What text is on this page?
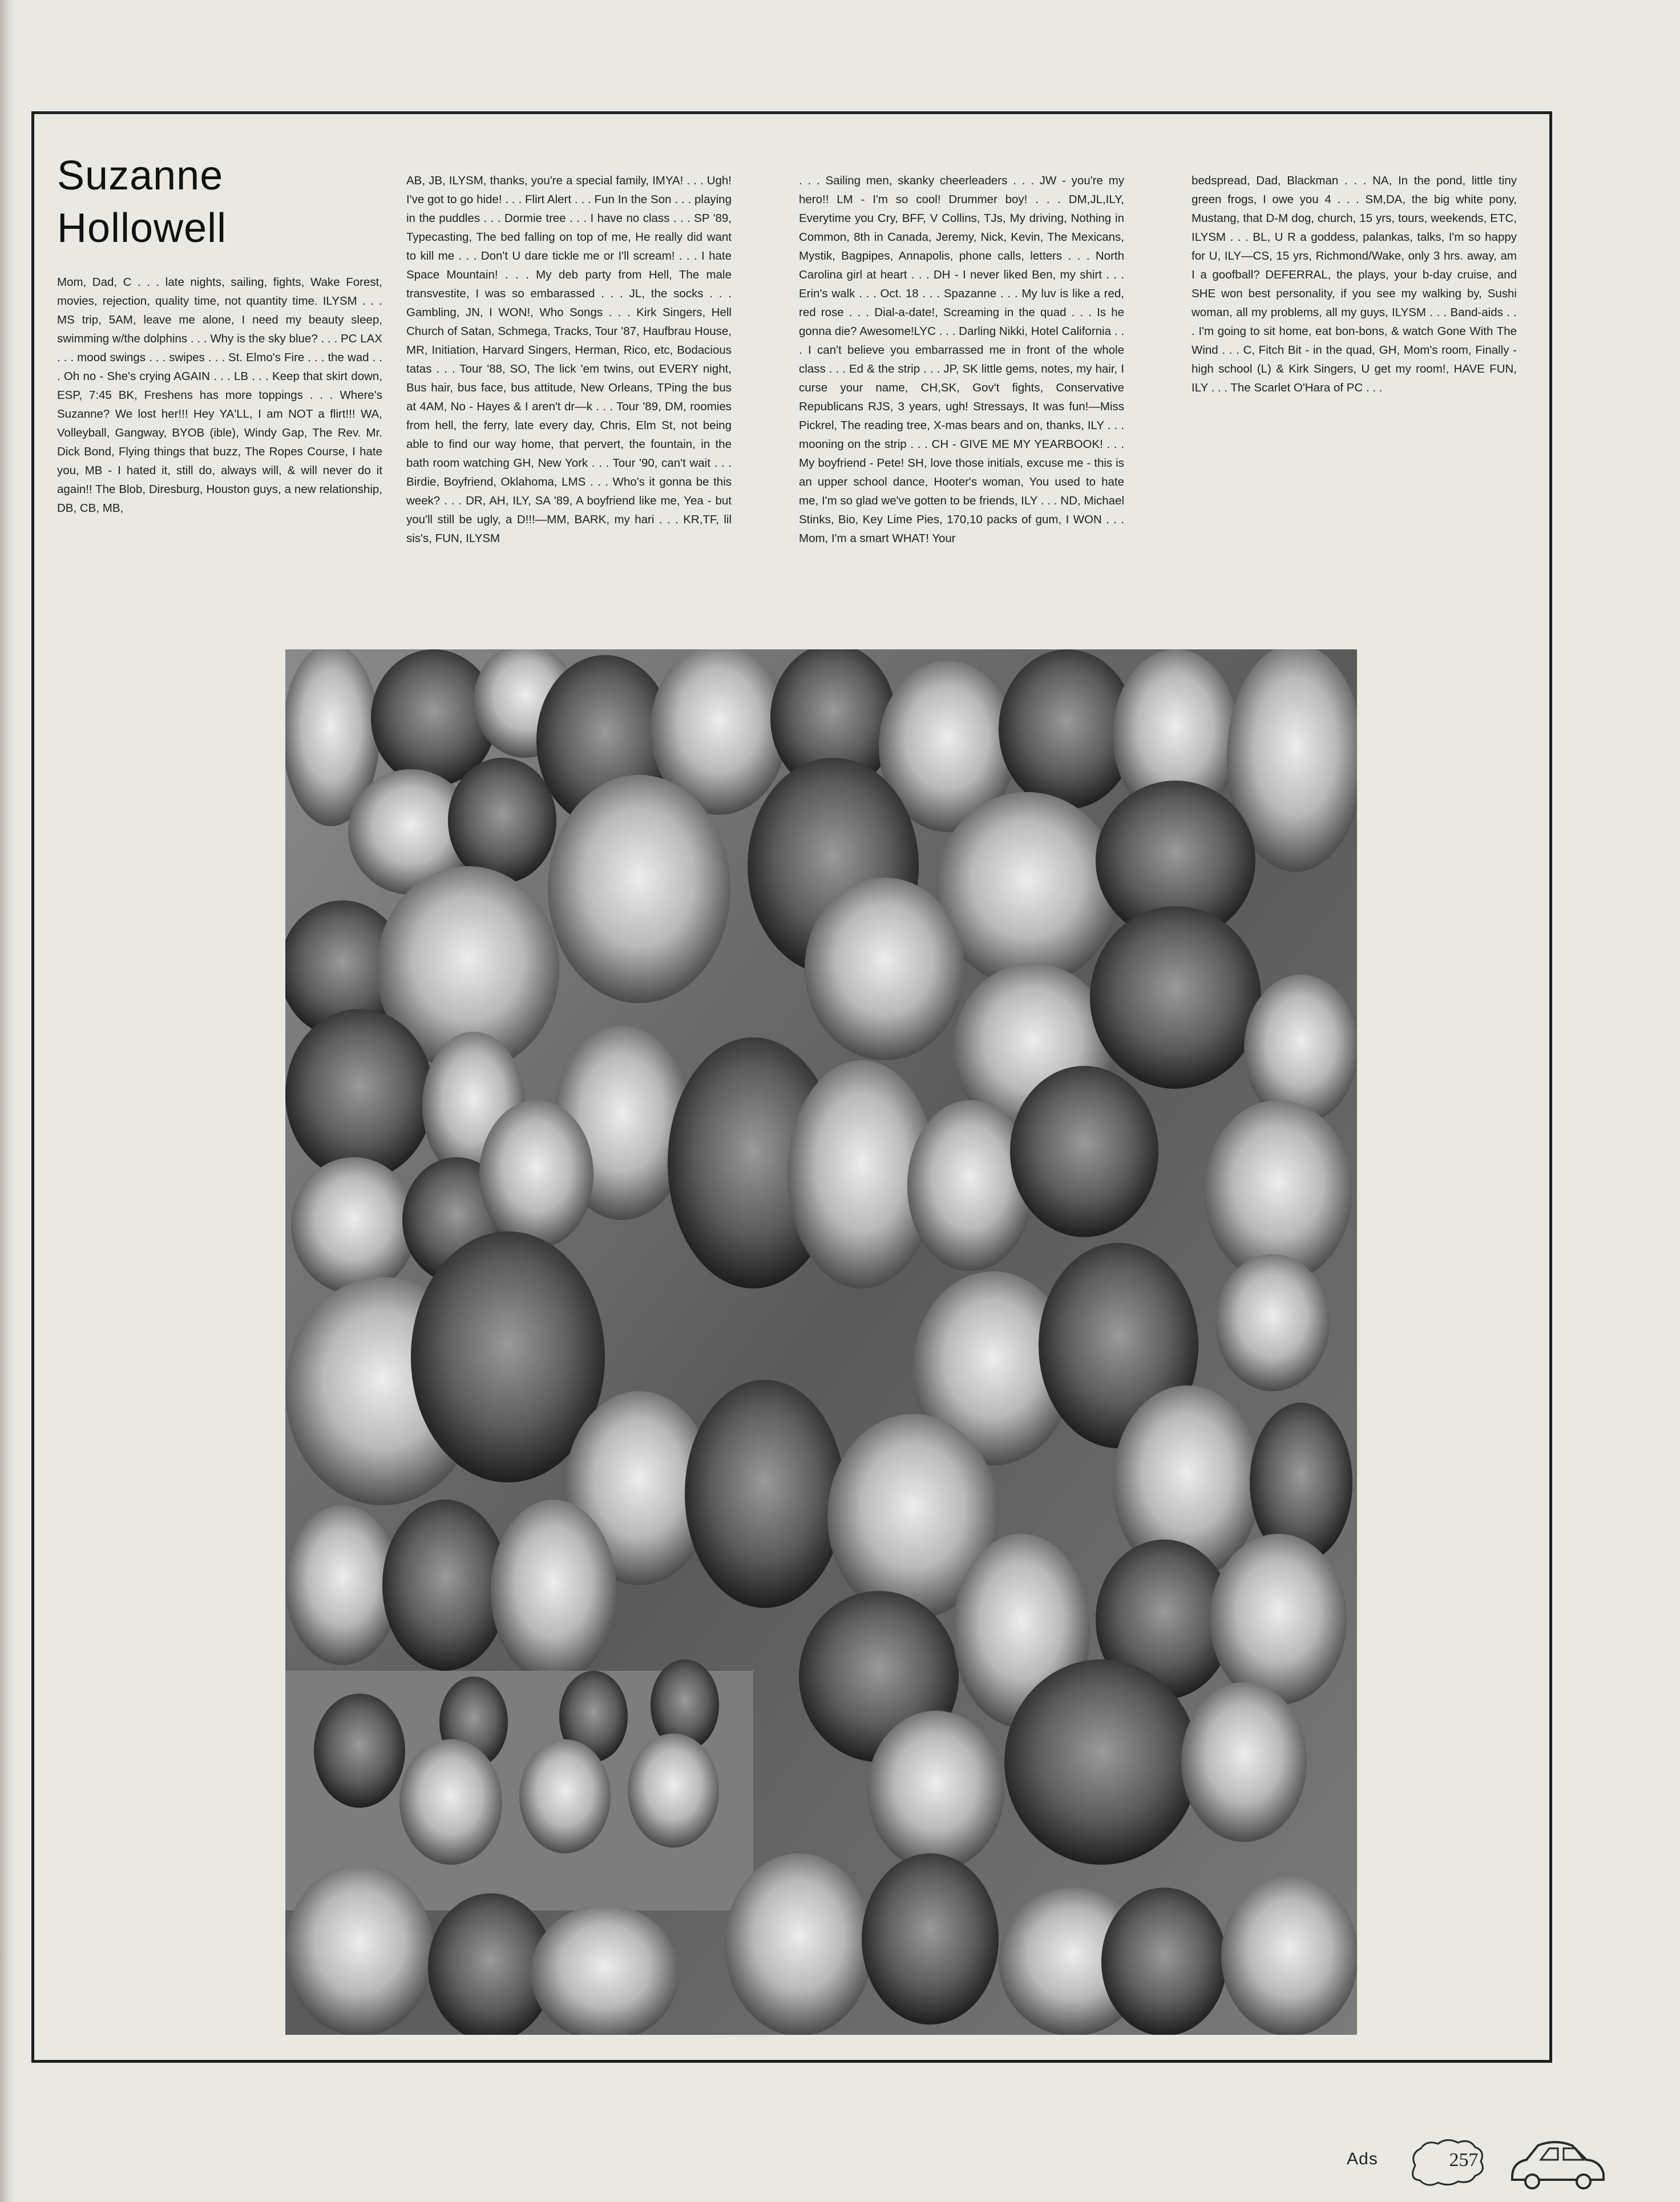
Suzanne Hollowell

Mom, Dad, C . . . late nights, sailing, fights, Wake Forest, movies, rejection, quality time, not quantity time. ILYSM . . . MS trip, 5AM, leave me alone, I need my beauty sleep, swimming w/the dolphins . . . Why is the sky blue? . . . PC LAX . . . mood swings . . . swipes . . . St. Elmo's Fire . . . the wad . . . Oh no - She's crying AGAIN . . . LB . . . Keep that skirt down, ESP, 7:45 BK, Freshens has more toppings . . . Where's Suzanne? We lost her!!! Hey YA'LL, I am NOT a flirt!!! WA, Volleyball, Gangway, BYOB (ible), Windy Gap, The Rev. Mr. Dick Bond, Flying things that buzz, The Ropes Course, I hate you, MB - I hated it, still do, always will, & will never do it again!! The Blob, Diresburg, Houston guys, a new relationship, DB, CB, MB,

AB, JB, ILYSM, thanks, you're a special family, IMYA! . . . Ugh! I've got to go hide! . . . Flirt Alert . . . Fun In the Son . . . playing in the puddles . . . Dormie tree . . . I have no class . . . SP '89, Typecasting, The bed falling on top of me, He really did want to kill me . . . Don't U dare tickle me or I'll scream! . . . I hate Space Mountain! . . . My deb party from Hell, The male transvestite, I was so embarassed . . . JL, the socks . . . Gambling, JN, I WON!, Who Songs . . . Kirk Singers, Hell Church of Satan, Schmega, Tracks, Tour '87, Haufbrau House, MR, Initiation, Harvard Singers, Herman, Rico, etc, Bodacious tatas . . . Tour '88, SO, The lick 'em twins, out EVERY night, Bus hair, bus face, bus attitude, New Orleans, TPing the bus at 4AM, No - Hayes & I aren't dr—k . . . Tour '89, DM, roomies from hell, the ferry, late every day, Chris, Elm St, not being able to find our way home, that pervert, the fountain, in the bath room watching GH, New York . . . Tour '90, can't wait . . . Birdie, Boyfriend, Oklahoma, LMS . . . Who's it gonna be this week? . . . DR, AH, ILY, SA '89, A boyfriend like me, Yea - but you'll still be ugly, a D!!!—MM, BARK, my hari . . . KR,TF, lil sis's, FUN, ILYSM

. . . Sailing men, skanky cheerleaders . . . JW - you're my hero!! LM - I'm so cool! Drummer boy! . . . DM,JL,ILY, Everytime you Cry, BFF, V Collins, TJs, My driving, Nothing in Common, 8th in Canada, Jeremy, Nick, Kevin, The Mexicans, Mystik, Bagpipes, Annapolis, phone calls, letters . . . North Carolina girl at heart . . . DH - I never liked Ben, my shirt . . . Erin's walk . . . Oct. 18 . . . Spazanne . . . My luv is like a red, red rose . . . Dial-a-date!, Screaming in the quad . . . Is he gonna die? Awesome!LYC . . . Darling Nikki, Hotel California . . . I can't believe you embarrassed me in front of the whole class . . . Ed & the strip . . . JP, SK little gems, notes, my hair, I curse your name, CH,SK, Gov't fights, Conservative Republicans RJS, 3 years, ugh! Stressays, It was fun!—Miss Pickrel, The reading tree, X-mas bears and on, thanks, ILY . . . mooning on the strip . . . CH - GIVE ME MY YEARBOOK! . . . My boyfriend - Pete! SH, love those initials, excuse me - this is an upper school dance, Hooter's woman, You used to hate me, I'm so glad we've gotten to be friends, ILY . . . ND, Michael Stinks, Bio, Key Lime Pies, 170,10 packs of gum, I WON . . . Mom, I'm a smart WHAT! Your

bedspread, Dad, Blackman . . . NA, In the pond, little tiny green frogs, I owe you 4 . . . SM,DA, the big white pony, Mustang, that D-M dog, church, 15 yrs, tours, weekends, ETC, ILYSM . . . BL, U R a goddess, palankas, talks, I'm so happy for U, ILY—CS, 15 yrs, Richmond/Wake, only 3 hrs. away, am I a goofball? DEFERRAL, the plays, your b-day cruise, and SHE won best personality, if you see my walking by, Sushi woman, all my problems, all my guys, ILYSM . . . Band-aids . . . I'm going to sit home, eat bon-bons, & watch Gone With The Wind . . . C, Fitch Bit - in the quad, GH, Mom's room, Finally - high school (L) & Kirk Singers, U get my room!, HAVE FUN, ILY . . . The Scarlet O'Hara of PC . . .

Ads	257
